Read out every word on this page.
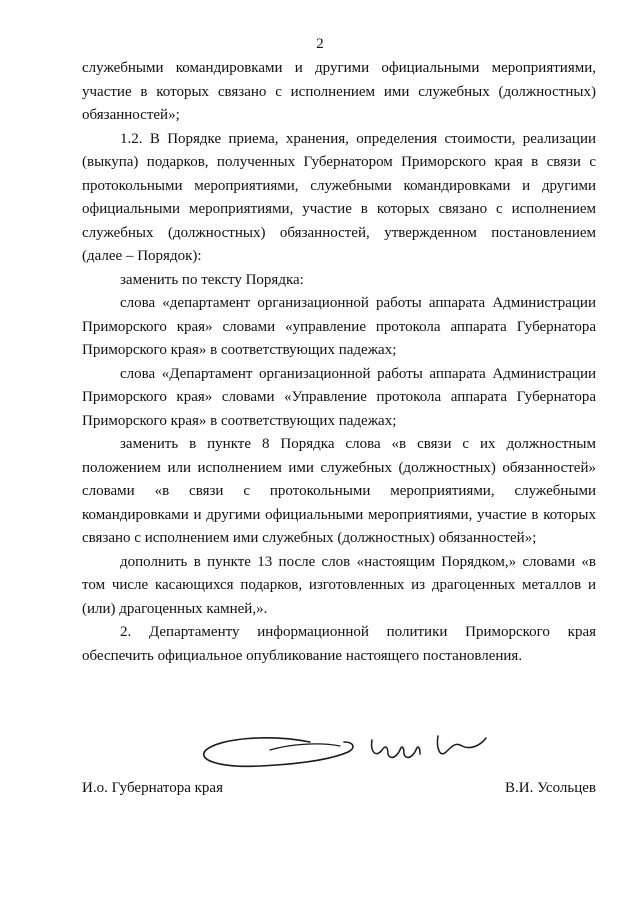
2

служебными командировками и другими официальными мероприятиями, участие в которых связано с исполнением ими служебных (должностных) обязанностей»;

1.2. В Порядке приема, хранения, определения стоимости, реализации (выкупа) подарков, полученных Губернатором Приморского края в связи с протокольными мероприятиями, служебными командировками и другими официальными мероприятиями, участие в которых связано с исполнением служебных (должностных) обязанностей, утвержденном постановлением (далее – Порядок):

заменить по тексту Порядка:

слова «департамент организационной работы аппарата Администрации Приморского края» словами «управление протокола аппарата Губернатора Приморского края» в соответствующих падежах;

слова «Департамент организационной работы аппарата Администрации Приморского края» словами «Управление протокола аппарата Губернатора Приморского края» в соответствующих падежах;

заменить в пункте 8 Порядка слова «в связи с их должностным положением или исполнением ими служебных (должностных) обязанностей» словами «в связи с протокольными мероприятиями, служебными командировками и другими официальными мероприятиями, участие в которых связано с исполнением ими служебных (должностных) обязанностей»;

дополнить в пункте 13 после слов «настоящим Порядком,» словами «в том числе касающихся подарков, изготовленных из драгоценных металлов и (или) драгоценных камней,».

2. Департаменту информационной политики Приморского края обеспечить официальное опубликование настоящего постановления.

И.о. Губернатора края	В.И. Усольцев
